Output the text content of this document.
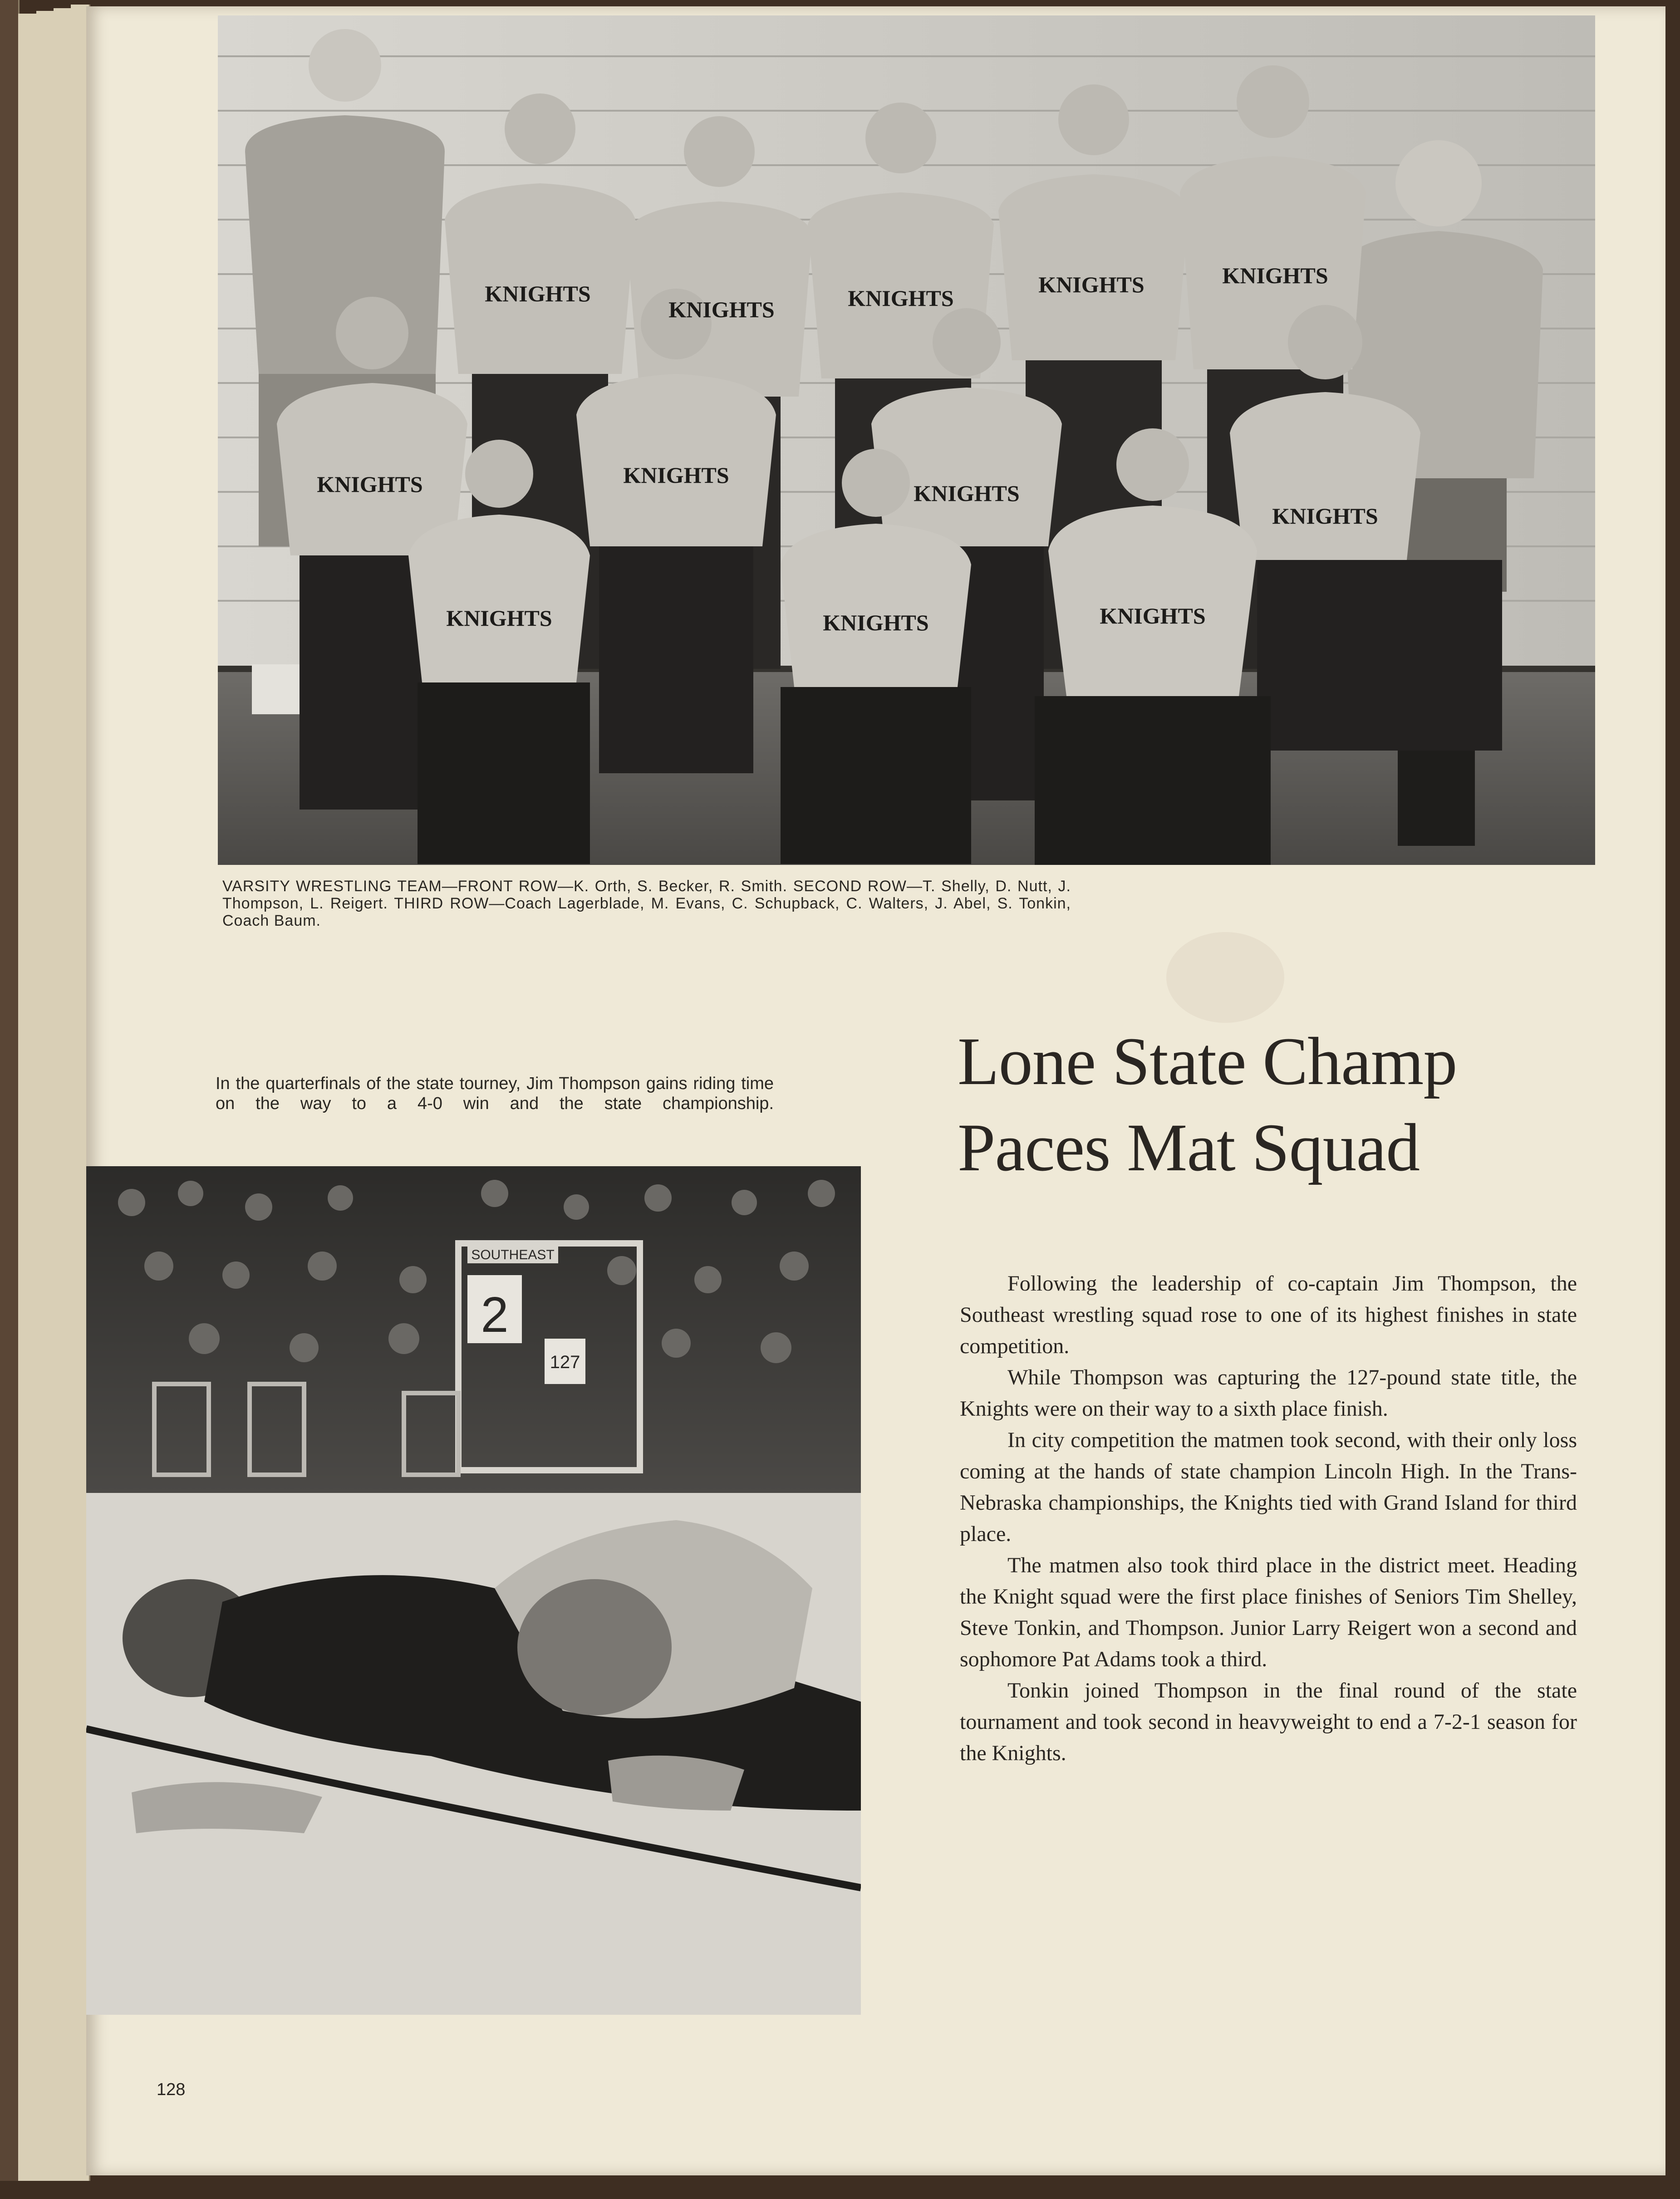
KNIGHTS
KNIGHTS	KNIGHTS
KNIGHTS	KNIGHTS
KNIGHTS	KNIGHTS
KNIGHTS
KNIGHTS
KNIGHTS	KNIGHTS	KNIGHTS
VARSITY WRESTLING TEAM—FRONT ROW—K. Orth, S. Becker, R. Smith. SECOND ROW—T. Shelly, D. Nutt, J. Thompson, L. Reigert. THIRD ROW—Coach Lagerblade, M. Evans, C. Schupback, C. Walters, J. Abel, S. Tonkin, Coach Baum.
In the quarterfinals of the state tourney, Jim Thompson gains riding time on the way to a 4-0 win and the state championship.
SOUTHEAST
2
127
Lone State Champ
Paces Mat Squad

Following the leadership of co-captain Jim Thompson, the Southeast wrestling squad rose to one of its highest finishes in state competition.

While Thompson was capturing the 127-pound state title, the Knights were on their way to a sixth place finish.

In city competition the matmen took second, with their only loss coming at the hands of state champion Lincoln High. In the Trans-Nebraska championships, the Knights tied with Grand Island for third place.

The matmen also took third place in the district meet. Heading the Knight squad were the first place finishes of Seniors Tim Shelley, Steve Tonkin, and Thompson. Junior Larry Reigert won a second and sophomore Pat Adams took a third.

Tonkin joined Thompson in the final round of the state tournament and took second in heavyweight to end a 7-2-1 season for the Knights.

128
